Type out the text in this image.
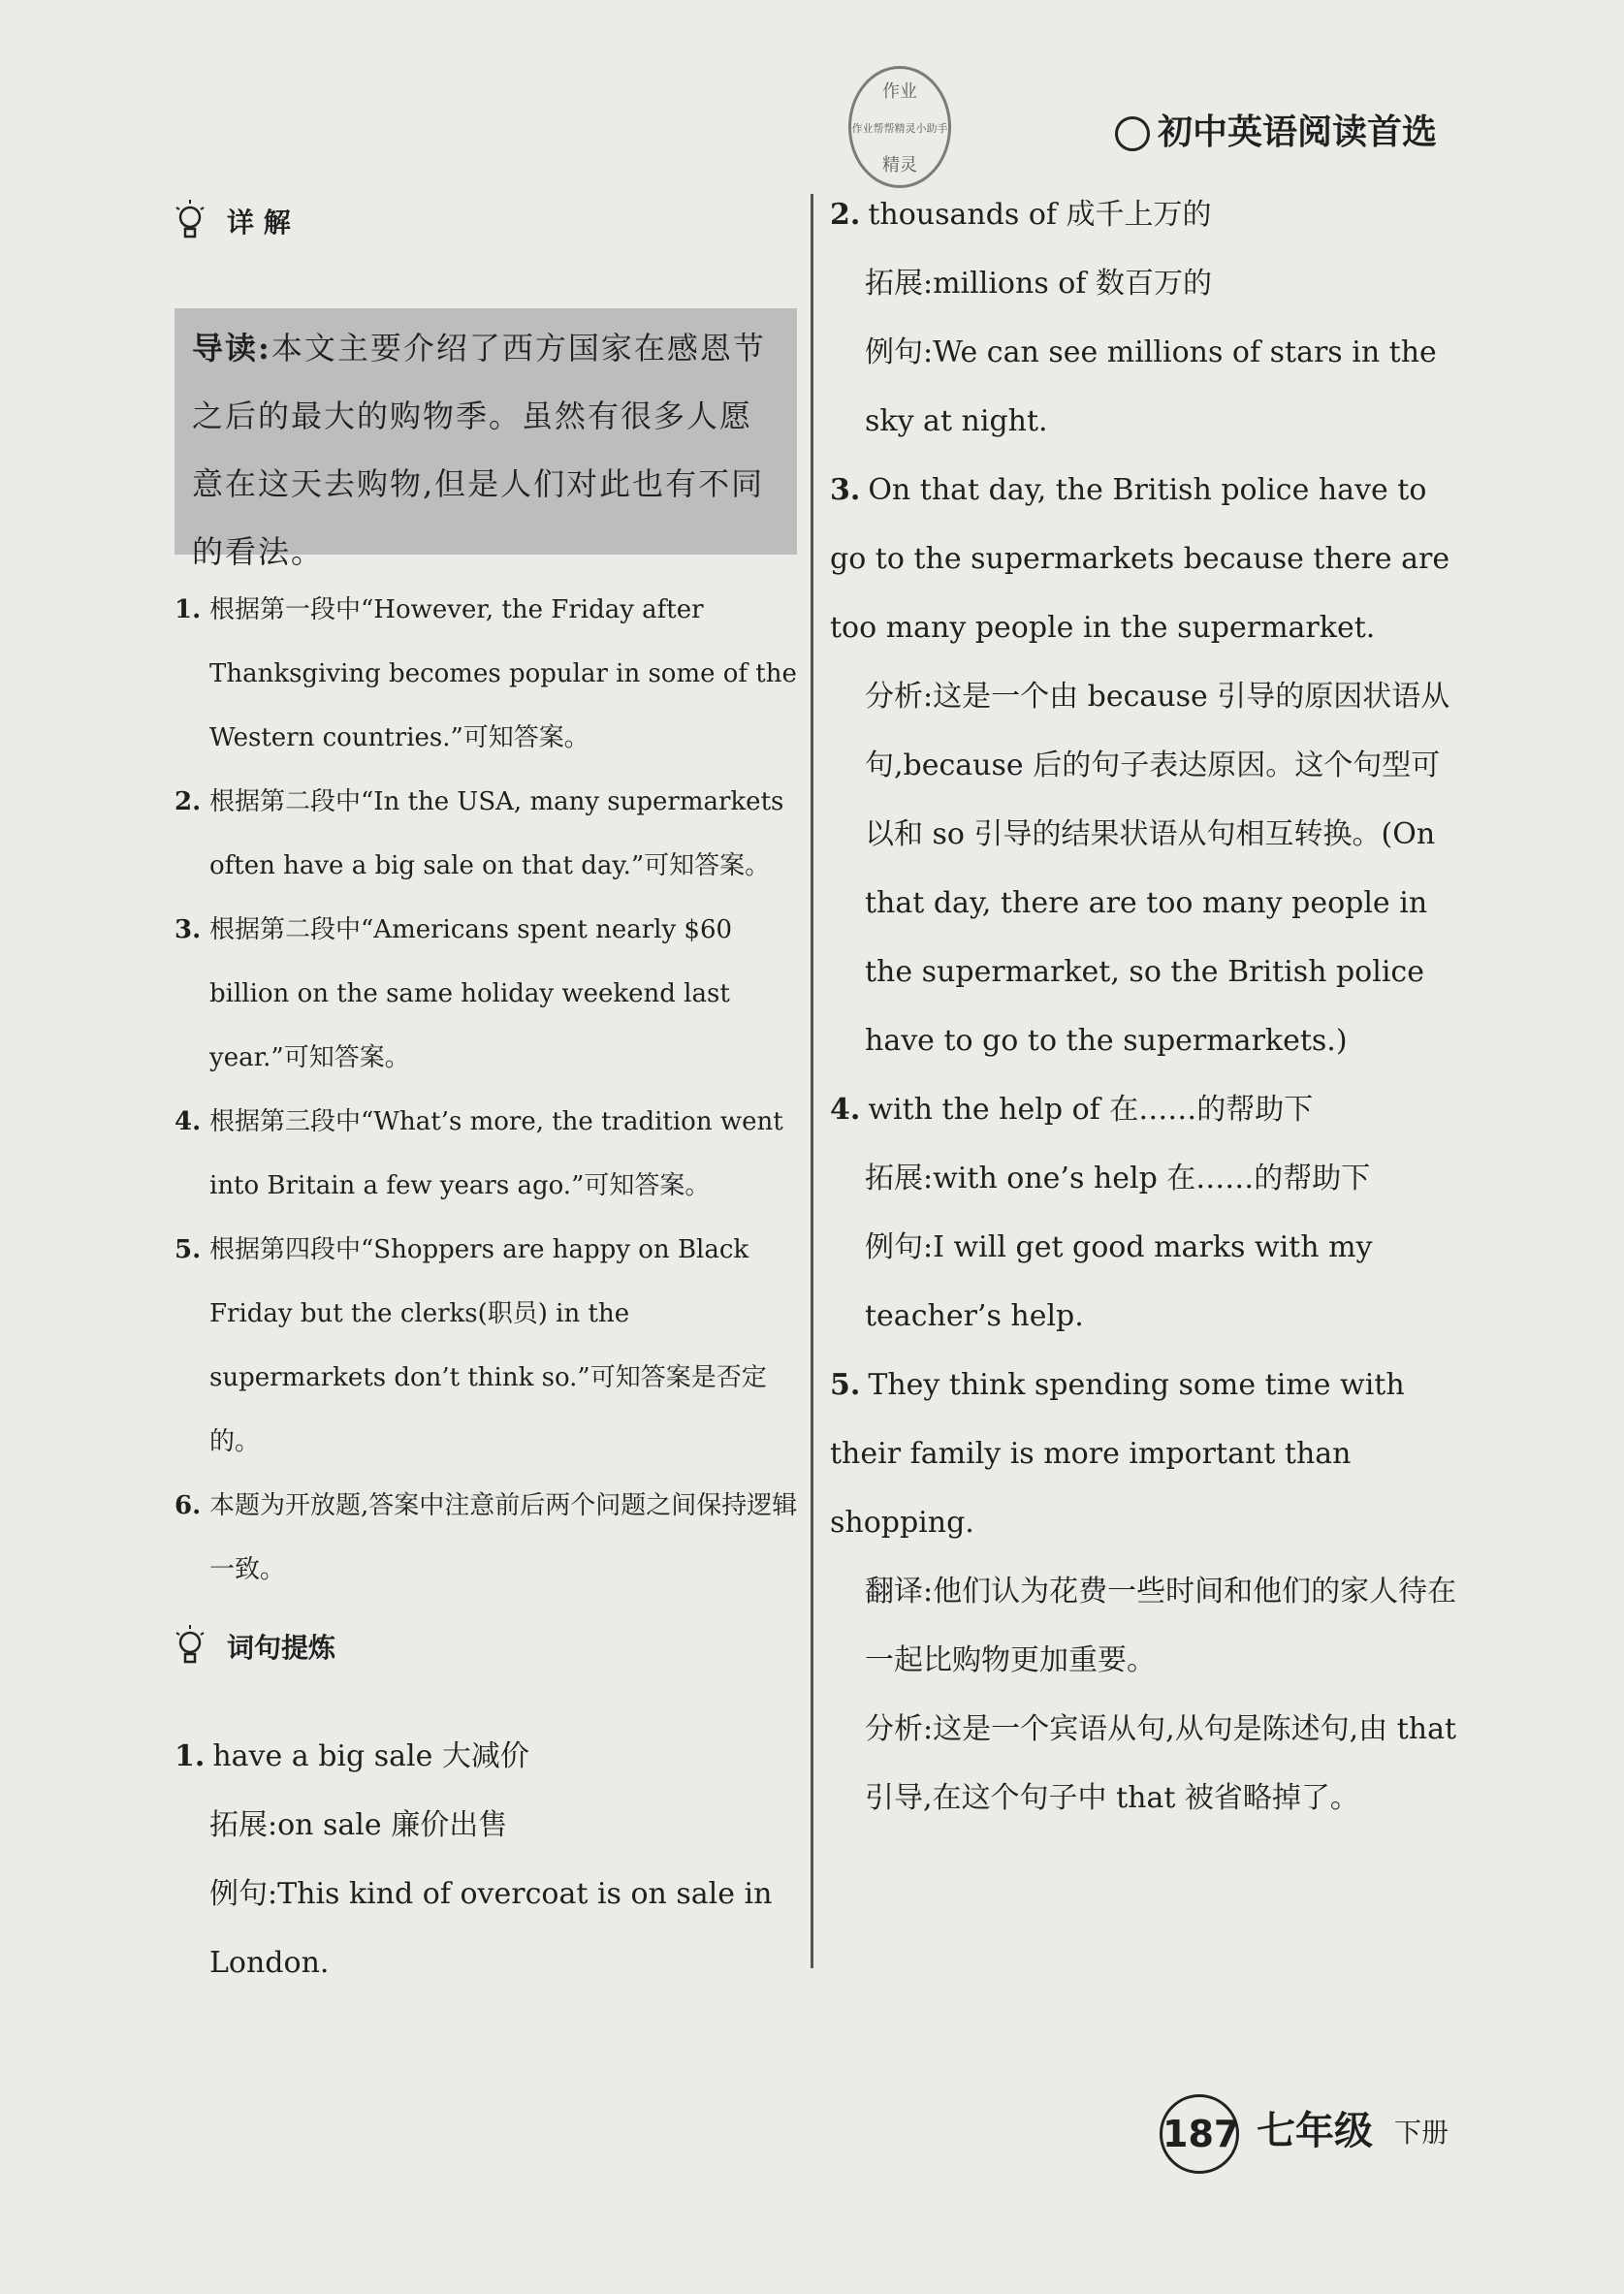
作业
作业帮帮精灵小助手
精灵
初中英语阅读首选
详 解
导读:本文主要介绍了西方国家在感恩节之后的最大的购物季。虽然有很多人愿意在这天去购物,但是人们对此也有不同的看法。
1. 根据第一段中“However, the Friday after Thanksgiving becomes popular in some of the Western countries.”可知答案。
2. 根据第二段中“In the USA, many supermarkets often have a big sale on that day.”可知答案。
3. 根据第二段中“Americans spent nearly $60 billion on the same holiday weekend last year.”可知答案。
4. 根据第三段中“What’s more, the tradition went into Britain a few years ago.”可知答案。
5. 根据第四段中“Shoppers are happy on Black Friday but the clerks(职员) in the supermarkets don’t think so.”可知答案是否定的。
6. 本题为开放题,答案中注意前后两个问题之间保持逻辑一致。
词句提炼
1. have a big sale 大减价
拓展:on sale 廉价出售
例句:This kind of overcoat is on sale in London.
2. thousands of 成千上万的
拓展:millions of 数百万的
例句:We can see millions of stars in the sky at night.
3. On that day, the British police have to go to the supermarkets because there are too many people in the supermarket.
分析:这是一个由 because 引导的原因状语从句,because 后的句子表达原因。这个句型可以和 so 引导的结果状语从句相互转换。(On that day, there are too many people in the supermarket, so the British police have to go to the supermarkets.)
4. with the help of 在……的帮助下
拓展:with one’s help 在……的帮助下
例句:I will get good marks with my teacher’s help.
5. They think spending some time with their family is more important than shopping.
翻译:他们认为花费一些时间和他们的家人待在一起比购物更加重要。
分析:这是一个宾语从句,从句是陈述句,由 that 引导,在这个句子中 that 被省略掉了。
187 七年级 下册
